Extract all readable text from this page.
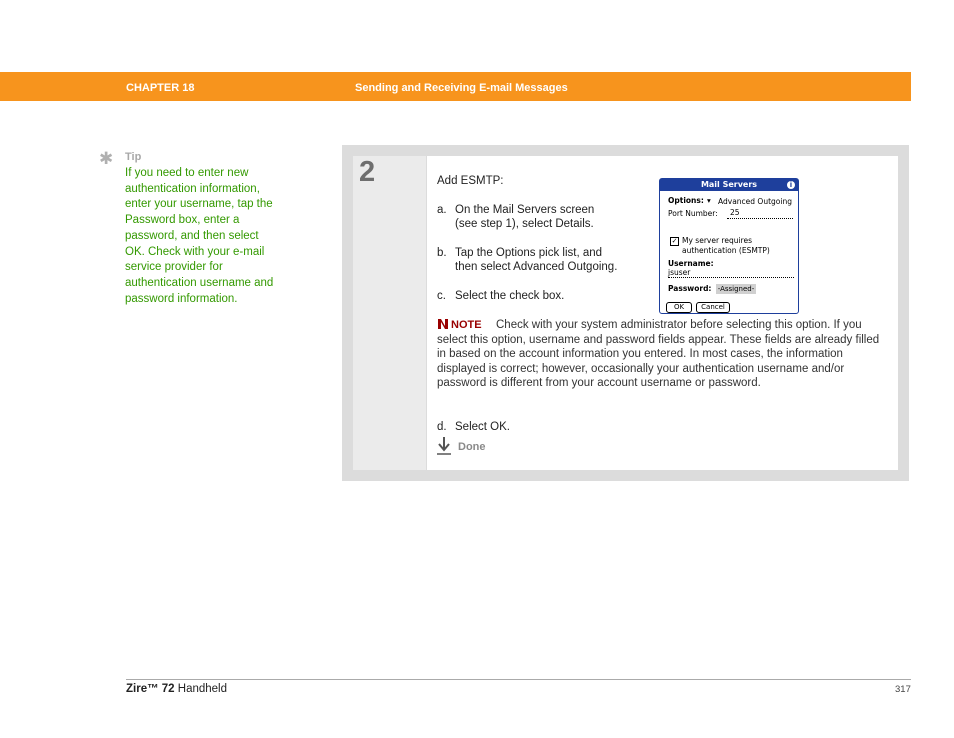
CHAPTER 18	Sending and Receiving E-mail Messages
✱ Tip
If you need to enter new authentication information, enter your username, tap the Password box, enter a password, and then select OK. Check with your e-mail service provider for authentication username and password information.
2	Add ESMTP:
a. On the Mail Servers screen
(see step 1), select Details.
b. Tap the Options pick list, and
then select Advanced Outgoing.
c. Select the check box.
Check with your system administrator before selecting this option. If you select this option, username and password fields appear. These fields are already filled in based on the account information you entered. In most cases, the information displayed is correct; however, occasionally your authentication username and/or password is different from your account username or password.
NOTE
d. Select OK.
Done
Mail Servers	i
Options: ▾ Advanced Outgoing
Port Number: 25
✓ My server requires
authentication (ESMTP)
Username:
jsuser
Password: -Assigned-
OK	Cancel
Zire™ 72 Handheld	317
